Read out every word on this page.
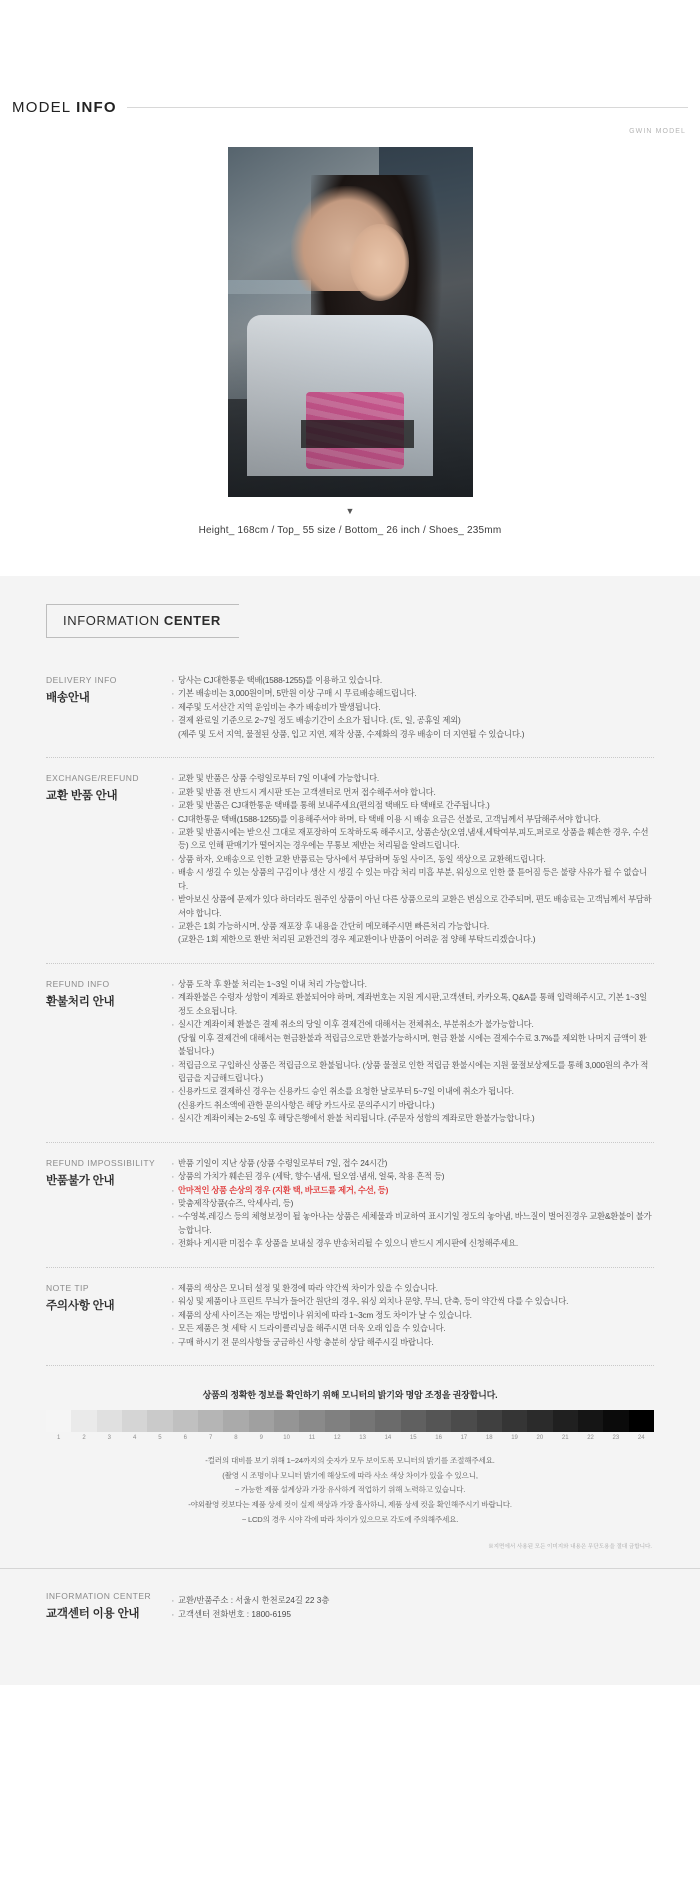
MODEL INFO
GWIN MODEL
▼
Height_ 168cm / Top_ 55 size / Bottom_ 26 inch / Shoes_ 235mm
INFORMATION CENTER
DELIVERY INFO
배송안내
· 당사는 CJ대한통운 택배(1588-1255)를 이용하고 있습니다.
· 기본 배송비는 3,000원이며, 5만원 이상 구매 시 무료배송해드립니다.
· 제주및 도서산간 지역 운임비는 추가 배송비가 발생됩니다.
· 결제 완료일 기준으로 2~7일 정도 배송기간이 소요가 됩니다. (토, 일, 공휴일 제외)
(제주 및 도서 지역, 물절된 상품, 입고 지연, 제작 상품, 수제화의 경우 배송이 더 지연될 수 있습니다.)
EXCHANGE/REFUND
교환 반품 안내
· 교환 및 반품은 상품 수령일로부터 7일 이내에 가능합니다.
· 교환 및 반품 전 반드시 게시판 또는 고객센터로 먼저 접수해주셔야 합니다.
· 교환 및 반품은 CJ대한통운 택배를 통해 보내주세요(편의점 택배도 타 택배로 간주됩니다.)
· CJ대한통운 택배(1588-1255)를 이용해주셔야 하며, 타 택배 이용 시 배송 요금은 선불로, 고객님께서 부담해주셔야 합니다.
· 교환 및 반품시에는 받으신 그대로 재포장하여 도착하도록 해주시고, 상품손상(오염,냄새,세탁여부,피도,퍼로로 상품을 훼손한 경우, 수선 등) 으로 인해 판매기가 떨어지는 경우에는 무통보 제반는 처리됨을 알려드립니다.
· 상품 하자, 오배송으로 인한 교환 반품료는 당사에서 부담하며 동일 사이즈, 동일 색상으로 교환해드립니다.
· 배송 시 생길 수 있는 상품의 구김이나 생산 시 생길 수 있는 마감 처리 미흡 부분, 워싱으로 인한 풀 튿어짐 등은 불량 사유가 될 수 없습니다.
· 받아보신 상품에 문제가 있다 하더라도 원주인 상품이 아닌 다른 상품으로의 교환은 변심으로 간주되며, 편도 배송료는 고객님께서 부담하셔야 합니다.
· 교환은 1회 가능하시며, 상품 재포장 후 내용을 간단히 메모해주시면 빠른처리 가능합니다.
(교환은 1회 제한으로 환반 처리된 교환건의 경우 제교환이나 반품이 어려운 점 양해 부탁드리겠습니다.)
REFUND INFO
환불처리 안내
· 상품 도착 후 환불 처리는 1~3일 이내 처리 가능합니다.
· 계좌환불은 수령자 성함이 계좌로 환불되어야 하며, 계좌번호는 지원 게시판,고객센터, 카카오톡, Q&A를 통해 입력해주시고, 기본 1~3일정도 소요됩니다.
· 실시간 계좌이체 환불은 결제 취소의 당일 이후 결제건에 대해서는 전체취소, 부분취소가 불가능합니다.
(당월 이후 결제건에 대해서는 현금환불과 적립금으로만 환불가능하시며, 현금 환불 시에는 결제수수료 3.7%를 제외한 나머지 금액이 환불됩니다.)
· 적립금으로 구입하신 상품은 적립금으로 환불됩니다. (상품 물절로 인한 적립금 환불시에는 지원 물절보상제도를 통해 3,000원의 추가 적립금을 지급해드립니다.)
· 신용카드로 결제하신 경우는 신용카드 승인 취소를 요청한 날로부터 5~7일 이내에 취소가 됩니다.
(신용카드 취소액에 관한 문의사항은 해당 카드사로 문의주시기 바랍니다.)
· 실시간 계좌이체는 2~5일 후 해당은행에서 환불 처리됩니다. (주문자 성함의 계좌로만 환불가능합니다.)
REFUND IMPOSSIBILITY
반품불가 안내
· 반품 기일이 지난 상품 (상품 수령일로부터 7일, 접수 24시간)
· 상품의 가치가 훼손된 경우 (세탁, 향수·냄새, 털오염·냄새, 얼룩, 착용 흔적 등)
· 안마적인 상품 손상의 경우 (지환 택, 바코드를 제거, 수선, 등)
· 맞춤제작상품(슈즈, 악세사리, 등)
· ~수영복,레깅스 등의 체형보정이 될 놓아나는 상품은 세체물과 비교하여 표시기일 정도의 놓아냄, 바느질이 벌어진경우 교환&환불이 불가능합니다.
· 전화나 게시판 미접수 후 상품을 보내실 경우 반송처리될 수 있으니 반드시 게시판에 신청해주세요.
NOTE TIP
주의사항 안내
· 제품의 색상은 모니터 설정 및 환경에 따라 약간씩 차이가 있을 수 있습니다.
· 워싱 및 제품이나 프린트 무늬가 들어간 원단의 경우, 워싱 외치나 문양, 무늬, 단축, 등이 약간씩 다를 수 있습니다.
· 제품의 상세 사이즈는 재는 방법이나 위치에 따라 1~3cm 정도 차이가 날 수 있습니다.
· 모든 제품은 첫 세탁 시 드라이클리닝을 해주시면 더욱 오래 입을 수 있습니다.
· 구매 하시기 전 문의사항들 궁금하신 사항 충분히 상담 해주시길 바랍니다.
상품의 정확한 정보를 확인하기 위해 모니터의 밝기와 명암 조정을 권장합니다.
1	2	3	4	5	6	7	8	9	10	11	12	13	14	15	16	17	18	19	20	21	22	23	24

-컬러의 대비를 보기 위해 1~24까지의 숫자가 모두 보이도록 모니터의 밝기를 조절해주세요.

(촬영 시 조명이나 모니터 밝기에 해상도에 따라 사소 색상 차이가 있을 수 있으니,

~ 가능한 제품 설계상과 가장 유사하게 적업하기 위해 노력하고 있습니다.

-야외촬영 컷보다는 제품 상세 컷이 실제 색상과 가장 흡사하니, 제품 상세 컷을 확인해주시기 바랍니다.

~ LCD의 경우 시야 각에 따라 차이가 있으므로 각도에 주의해주세요.

※지면에서 사용된 모든 이미지와 내용은 무단도용을 절대 금합니다.
INFORMATION CENTER
교객센터 이용 안내
· 교환/반품주소 : 서울시 한천로24길 22 3층
· 고객센터 전화번호 : 1800-6195
